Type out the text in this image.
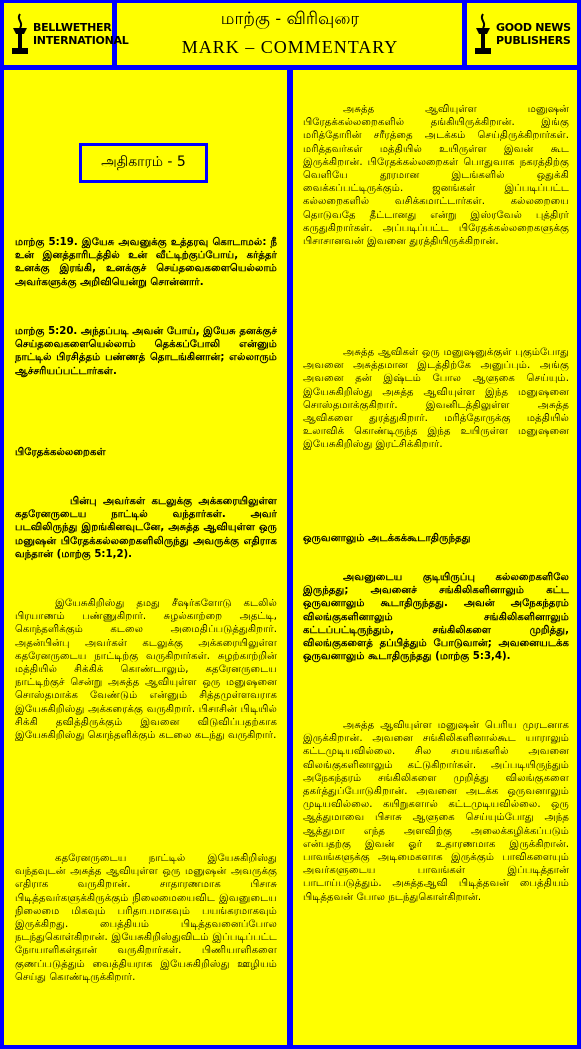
BELLWETHER
INTERNATIONAL
மாற்கு - விரிவுரை
MARK – COMMENTARY
GOOD NEWS
PUBLISHERS
அதிகாரம் - 5

மாற்கு 5:19. இயேசு அவனுக்கு உத்தரவு கொடாமல்: நீ உன் இனத்தாரிடத்தில் உன் வீட்டிற்குப்போய், கர்த்தர் உனக்கு இரங்கி, உனக்குச் செய்தவைகளையெல்லாம் அவர்களுக்கு அறிவியென்று சொன்னார்.

மாற்கு 5:20. அந்தப்படி அவன் போய், இயேசு தனக்குச் செய்தவைகளையெல்லாம் தெக்கப்போலி என்னும் நாட்டில் பிரசித்தம் பண்ணத் தொடங்கினான்; எல்லாரும் ஆச்சரியப்பட்டார்கள்.

பிரேதக்கல்லறைகள்

பின்பு அவர்கள் கடலுக்கு அக்கரையிலுள்ள கதரேனருடைய நாட்டில் வந்தார்கள். அவர் படவிலிருந்து இறங்கினவுடனே, அசுத்த ஆவியுள்ள ஒரு மனுஷன் பிரேதக்கல்லறைகளிலிருந்து அவருக்கு எதிராக வந்தான் (மாற்கு 5:1,2).

இயேசுகிறிஸ்து தமது சீஷர்களோடு கடலில் பிரயாணம் பண்ணுகிறார். சுழல்காற்றை அதட்டி, கொந்தளிக்கும் கடலை அமைதிப்படுத்துகிறார். அதன்பின்பு அவர்கள் கடலுக்கு அக்கரையிலுள்ள கதரேனருடைய நாட்டிற்கு வருகிறார்கள். சுழற்காற்றின் மத்தியில் சிக்கிக் கொண்டாலும், கதரேனருடைய நாட்டிற்குச் சென்று அசுத்த ஆவியுள்ள ஒரு மனுஷனை சொஸ்தமாக்க வேண்டும் என்னும் சித்தமுள்ளவராக இயேசுகிறிஸ்து அக்கரைக்கு வருகிறார். பிசாசின் பிடியில் சிக்கி தவித்திருக்கும் இவனை விடுவிப்பதற்காக இயேசுகிறிஸ்து கொந்தளிக்கும் கடலை கடந்து வருகிறார்.

கதரேனருடைய நாட்டில் இயேசுகிறிஸ்து வந்தவுடன் அசுத்த ஆவியுள்ள ஒரு மனுஷன் அவருக்கு எதிராக வருகிறான். சாதாரணமாக பிசாசு பிடித்தவர்களுக்கிருக்கும் நிலைமையைவிட இவனுடைய நிலைமை மிகவும் பரிதாபமாகவும் பயங்கரமாகவும் இருக்கிறது. பைத்தியம் பிடித்தவனைப்போல நடந்துகொள்கிறான். இயேசுகிறிஸ்துவிடம் இப்படிப்பட்ட நோயாளிகள்தான் வருகிறார்கள். பிணியாளிகளை குணப்படுத்தும் வைத்தியராக இயேசுகிறிஸ்து ஊழியம் செய்து கொண்டிருக்கிறார்.

அசுத்த ஆவியுள்ள மனுஷன் பிரேதக்கல்லறைகளில் தங்கியிருக்கிறான். இங்கு மரித்தோரின் சரீரத்தை அடக்கம் செய்திருக்கிறார்கள். மரித்தவர்கள் மத்தியில் உயிருள்ள இவன் கூட இருக்கிறான். பிரேதக்கல்லறைகள் பொதுவாக நகரத்திற்கு வெளியே தூரமான இடங்களில் ஒதுக்கி வைக்கப்பட்டிருக்கும். ஜனங்கள் இப்படிப்பட்ட கல்லறைகளில் வசிக்கமாட்டார்கள். கல்லறையை தொடுவதே தீட்டானது என்று இஸ்ரவேல் புத்திரர் கருதுகிறார்கள். அப்படிப்பட்ட பிரேதக்கல்லறைகளுக்கு பிசாசானவன் இவனை துரத்தியிருக்கிறான்.

அசுத்த ஆவிகள் ஒரு மனுஷனுக்குள் புகும்போது அவனை அசுத்தமான இடத்திற்கே அனுப்பும். அங்கு அவனை தன் இஷ்டம் போல ஆளுகை செய்யும். இயேசுகிறிஸ்து அசுத்த ஆவியுள்ள இந்த மனுஷனை சொஸ்தமாக்குகிறார். இவனிடத்திலுள்ள அசுத்த ஆவிகளை துரத்துகிறார். மரித்தோருக்கு மத்தியில் உலாவிக் கொண்டிருந்த இந்த உயிருள்ள மனுஷனை இயேசுகிறிஸ்து இரட்சிக்கிறார்.

ஒருவனாலும் அடக்கக்கூடாதிருந்தது

அவனுடைய குடியிருப்பு கல்லறைகளிலே இருந்தது; அவனைச் சங்கிலிகளினாலும் கட்ட ஒருவனாலும் கூடாதிருந்தது. அவன் அநேகந்தரம் விலங்குகளினாலும் சங்கிலிகளினாலும் கட்டப்பட்டிருந்தும், சங்கிலிகளை முறித்து, விலங்குகளைத் தப்பித்தும் போடுவான்; அவனையடக்க ஒருவனாலும் கூடாதிருந்தது (மாற்கு 5:3,4).

அசுத்த ஆவியுள்ள மனுஷன் பெரிய முரடனாக இருக்கிறான். அவனை சங்கிலிகளினால்கூட யாராலும் கட்டமுடியவில்லை. சில சமயங்களில் அவனை விலங்குகளினாலும் கட்டுகிறார்கள். அப்படியிருந்தும் அநேகந்தரம் சங்கிலிகளை முறித்து விலங்குகளை தகர்த்துப்போடுகிறான். அவனை அடக்க ஒருவனாலும் முடியவில்லை. கயிறுகளால் கட்டமுடியவில்லை. ஒரு ஆத்துமாவை பிசாசு ஆளுகை செய்யும்போது அந்த ஆத்துமா எந்த அளவிற்கு அலைக்கழிக்கப்படும் என்பதற்கு இவன் ஓர் உதாரணமாக இருக்கிறான். பாவங்களுக்கு அடிமைகளாக இருக்கும் பாவிகளையும் அவர்களுடைய பாவங்கள் இப்படித்தான் பாடாய்படுத்தும். அசுத்தஆவி பிடித்தவன் பைத்தியம் பிடித்தவன் போல நடந்துகொள்கிறான்.
